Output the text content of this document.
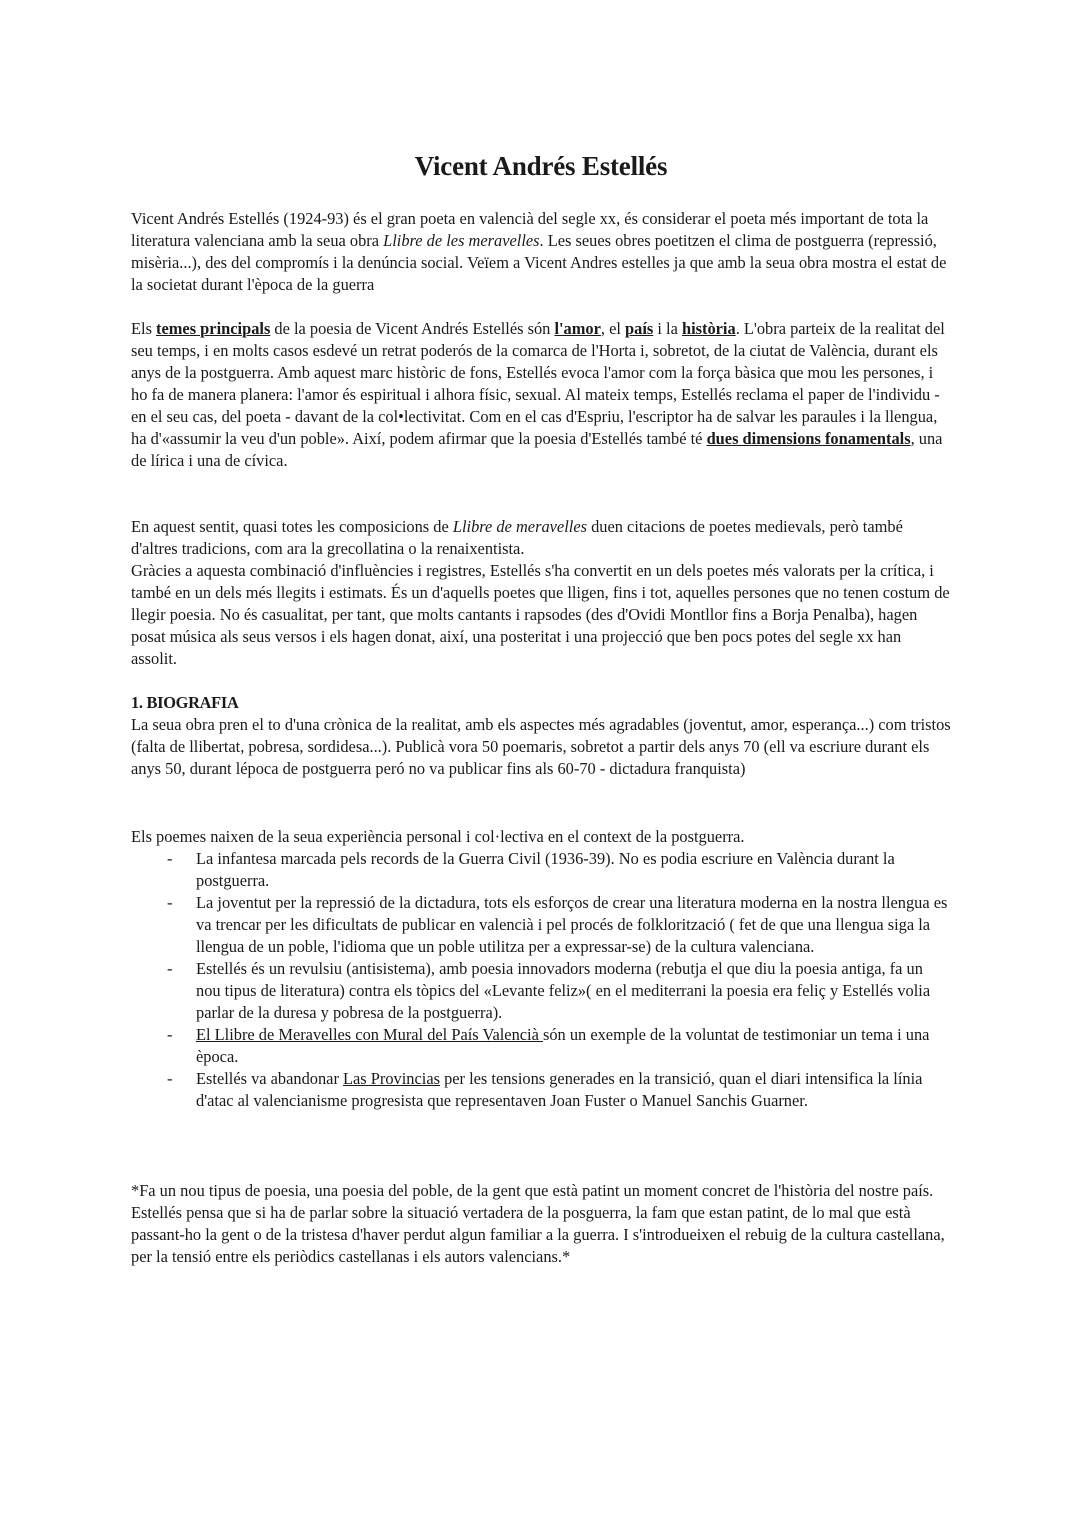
Vicent Andrés Estellés

Vicent Andrés Estellés (1924-93) és el gran poeta en valencià del segle xx, és considerar el poeta més important de tota la literatura valenciana amb la seua obra Llibre de les meravelles. Les seues obres poetitzen el clima de postguerra (repressió, misèria...), des del compromís i la denúncia social. Veïem a Vicent Andres estelles ja que amb la seua obra mostra el estat de la societat durant l'època de la guerra

Els temes principals de la poesia de Vicent Andrés Estellés són l'amor, el país i la història. L'obra parteix de la realitat del seu temps, i en molts casos esdevé un retrat poderós de la comarca de l'Horta i, sobretot, de la ciutat de València, durant els anys de la postguerra. Amb aquest marc històric de fons, Estellés evoca l'amor com la força bàsica que mou les persones, i ho fa de manera planera: l'amor és espiritual i alhora físic, sexual. Al mateix temps, Estellés reclama el paper de l'individu - en el seu cas, del poeta - davant de la col•lectivitat. Com en el cas d'Espriu, l'escriptor ha de salvar les paraules i la llengua, ha d'«assumir la veu d'un poble». Així, podem afirmar que la poesia d'Estellés també té dues dimensions fonamentals, una de lírica i una de cívica.

En aquest sentit, quasi totes les composicions de Llibre de meravelles duen citacions de poetes medievals, però també d'altres tradicions, com ara la grecollatina o la renaixentista.

Gràcies a aquesta combinació d'influències i registres, Estellés s'ha convertit en un dels poetes més valorats per la crítica, i també en un dels més llegits i estimats. És un d'aquells poetes que lligen, fins i tot, aquelles persones que no tenen costum de llegir poesia. No és casualitat, per tant, que molts cantants i rapsodes (des d'Ovidi Montllor fins a Borja Penalba), hagen posat música als seus versos i els hagen donat, així, una posteritat i una projecció que ben pocs potes del segle xx han assolit.

1. BIOGRAFIA

La seua obra pren el to d'una crònica de la realitat, amb els aspectes més agradables (joventut, amor, esperança...) com tristos (falta de llibertat, pobresa, sordidesa...). Publicà vora 50 poemaris, sobretot a partir dels anys 70 (ell va escriure durant els anys 50, durant lépoca de postguerra peró no va publicar fins als 60-70 - dictadura franquista)

Els poemes naixen de la seua experiència personal i col·lectiva en el context de la postguerra.

- La infantesa marcada pels records de la Guerra Civil (1936-39). No es podia escriure en València durant la postguerra.
- La joventut per la repressió de la dictadura, tots els esforços de crear una literatura moderna en la nostra llengua es va trencar per les dificultats de publicar en valencià i pel procés de folklorització ( fet de que una llengua siga la llengua de un poble, l'idioma que un poble utilitza per a expressar-se) de la cultura valenciana.
- Estellés és un revulsiu (antisistema), amb poesia innovadors moderna (rebutja el que diu la poesia antiga, fa un nou tipus de literatura) contra els tòpics del «Levante feliz»( en el mediterrani la poesia era feliç y Estellés volia parlar de la duresa y pobresa de la postguerra).
- El Llibre de Meravelles con Mural del País Valencià són un exemple de la voluntat de testimoniar un tema i una època.
- Estellés va abandonar Las Provincias per les tensions generades en la transició, quan el diari intensifica la línia d'atac al valencianisme progresista que representaven Joan Fuster o Manuel Sanchis Guarner.

*Fa un nou tipus de poesia, una poesia del poble, de la gent que està patint un moment concret de l'història del nostre país. Estellés pensa que si ha de parlar sobre la situació vertadera de la posguerra, la fam que estan patint, de lo mal que està passant-ho la gent o de la tristesa d'haver perdut algun familiar a la guerra. I s'introdueixen el rebuig de la cultura castellana, per la tensió entre els periòdics castellanas i els autors valencians.*
